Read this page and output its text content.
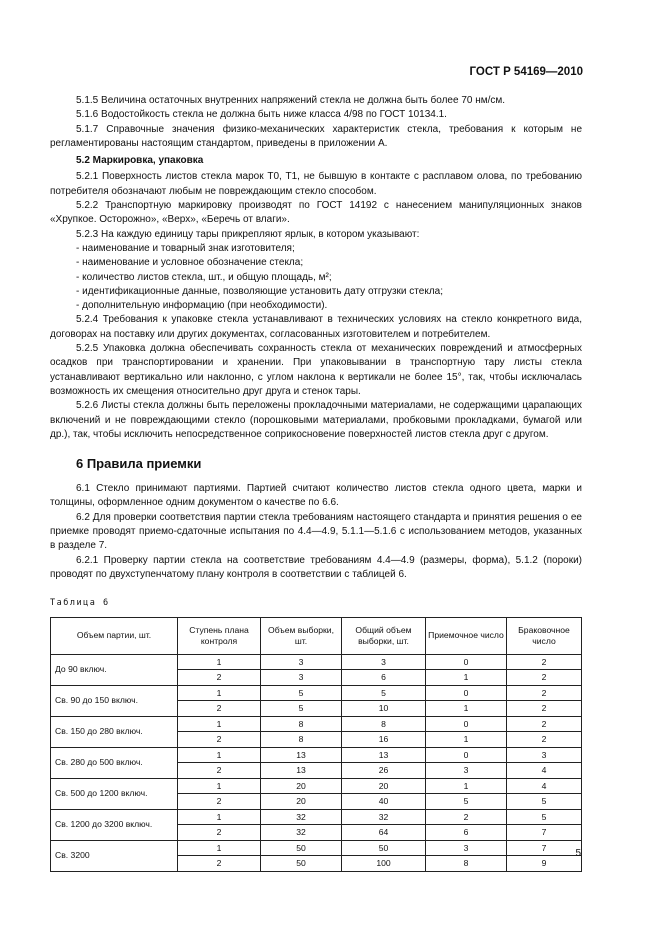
ГОСТ Р 54169—2010

5.1.5 Величина остаточных внутренних напряжений стекла не должна быть более 70 нм/см.

5.1.6 Водостойкость стекла не должна быть ниже класса 4/98 по ГОСТ 10134.1.

5.1.7 Справочные значения физико-механических характеристик стекла, требования к которым не регламентированы настоящим стандартом, приведены в приложении А.

5.2 Маркировка, упаковка

5.2.1 Поверхность листов стекла марок Т0, Т1, не бывшую в контакте с расплавом олова, по требованию потребителя обозначают любым не повреждающим стекло способом.

5.2.2 Транспортную маркировку производят по ГОСТ 14192 с нанесением манипуляционных знаков «Хрупкое. Осторожно», «Верх», «Беречь от влаги».

5.2.3 На каждую единицу тары прикрепляют ярлык, в котором указывают:

- наименование и товарный знак изготовителя;

- наименование и условное обозначение стекла;

- количество листов стекла, шт., и общую площадь, м²;

- идентификационные данные, позволяющие установить дату отгрузки стекла;

- дополнительную информацию (при необходимости).

5.2.4 Требования к упаковке стекла устанавливают в технических условиях на стекло конкретного вида, договорах на поставку или других документах, согласованных изготовителем и потребителем.

5.2.5 Упаковка должна обеспечивать сохранность стекла от механических повреждений и атмосферных осадков при транспортировании и хранении. При упаковывании в транспортную тару листы стекла устанавливают вертикально или наклонно, с углом наклона к вертикали не более 15°, так, чтобы исключалась возможность их смещения относительно друг друга и стенок тары.

5.2.6 Листы стекла должны быть переложены прокладочными материалами, не содержащими царапающих включений и не повреждающими стекло (порошковыми материалами, пробковыми прокладками, бумагой или др.), так, чтобы исключить непосредственное соприкосновение поверхностей листов стекла друг с другом.

6 Правила приемки

6.1 Стекло принимают партиями. Партией считают количество листов стекла одного цвета, марки и толщины, оформленное одним документом о качестве по 6.6.

6.2 Для проверки соответствия партии стекла требованиям настоящего стандарта и принятия решения о ее приемке проводят приемо-сдаточные испытания по 4.4—4.9, 5.1.1—5.1.6 с использованием методов, указанных в разделе 7.

6.2.1 Проверку партии стекла на соответствие требованиям 4.4—4.9 (размеры, форма), 5.1.2 (пороки) проводят по двухступенчатому плану контроля в соответствии с таблицей 6.

Таблица 6
Объем партии, шт.	Ступень плана контроля	Объем выборки, шт.	Общий объем выборки, шт.	Приемочное число	Браковочное число
До 90 включ.	1	3	3	0	2
	2	3	6	1	2
Св. 90 до 150 включ.	1	5	5	0	2
	2	5	10	1	2
Св. 150 до 280 включ.	1	8	8	0	2
	2	8	16	1	2
Св. 280 до 500 включ.	1	13	13	0	3
	2	13	26	3	4
Св. 500 до 1200 включ.	1	20	20	1	4
	2	20	40	5	5
Св. 1200 до 3200 включ.	1	32	32	2	5
	2	32	64	6	7
Св. 3200	1	50	50	3	7
	2	50	100	8	9
5
